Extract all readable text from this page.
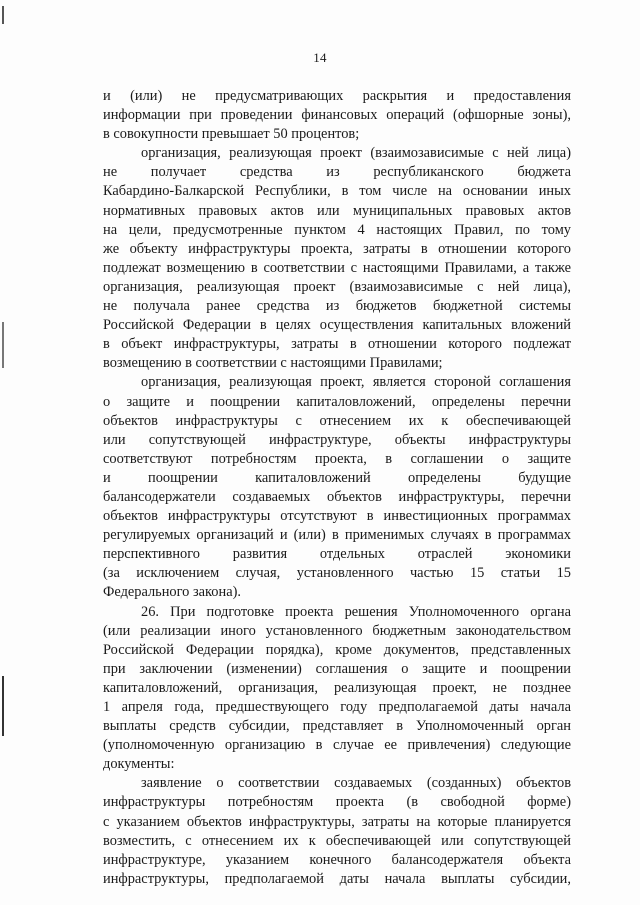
14
и (или) не предусматривающих раскрытия и предоставления
информации при проведении финансовых операций (офшорные зоны),
в совокупности превышает 50 процентов;
организация, реализующая проект (взаимозависимые с ней лица)
не получает средства из республиканского бюджета
Кабардино-Балкарской Республики, в том числе на основании иных
нормативных правовых актов или муниципальных правовых актов
на цели, предусмотренные пунктом 4 настоящих Правил, по тому
же объекту инфраструктуры проекта, затраты в отношении которого
подлежат возмещению в соответствии с настоящими Правилами, а также
организация, реализующая проект (взаимозависимые с ней лица),
не получала ранее средства из бюджетов бюджетной системы
Российской Федерации в целях осуществления капитальных вложений
в объект инфраструктуры, затраты в отношении которого подлежат
возмещению в соответствии с настоящими Правилами;
организация, реализующая проект, является стороной соглашения
о защите и поощрении капиталовложений, определены перечни
объектов инфраструктуры с отнесением их к обеспечивающей
или сопутствующей инфраструктуре, объекты инфраструктуры
соответствуют потребностям проекта, в соглашении о защите
и поощрении капиталовложений определены будущие
балансодержатели создаваемых объектов инфраструктуры, перечни
объектов инфраструктуры отсутствуют в инвестиционных программах
регулируемых организаций и (или) в применимых случаях в программах
перспективного развития отдельных отраслей экономики
(за исключением случая, установленного частью 15 статьи 15
Федерального закона).
26. При подготовке проекта решения Уполномоченного органа
(или реализации иного установленного бюджетным законодательством
Российской Федерации порядка), кроме документов, представленных
при заключении (изменении) соглашения о защите и поощрении
капиталовложений, организация, реализующая проект, не позднее
1 апреля года, предшествующего году предполагаемой даты начала
выплаты средств субсидии, представляет в Уполномоченный орган
(уполномоченную организацию в случае ее привлечения) следующие
документы:
заявление о соответствии создаваемых (созданных) объектов
инфраструктуры потребностям проекта (в свободной форме)
с указанием объектов инфраструктуры, затраты на которые планируется
возместить, с отнесением их к обеспечивающей или сопутствующей
инфраструктуре, указанием конечного балансодержателя объекта
инфраструктуры, предполагаемой даты начала выплаты субсидии,
